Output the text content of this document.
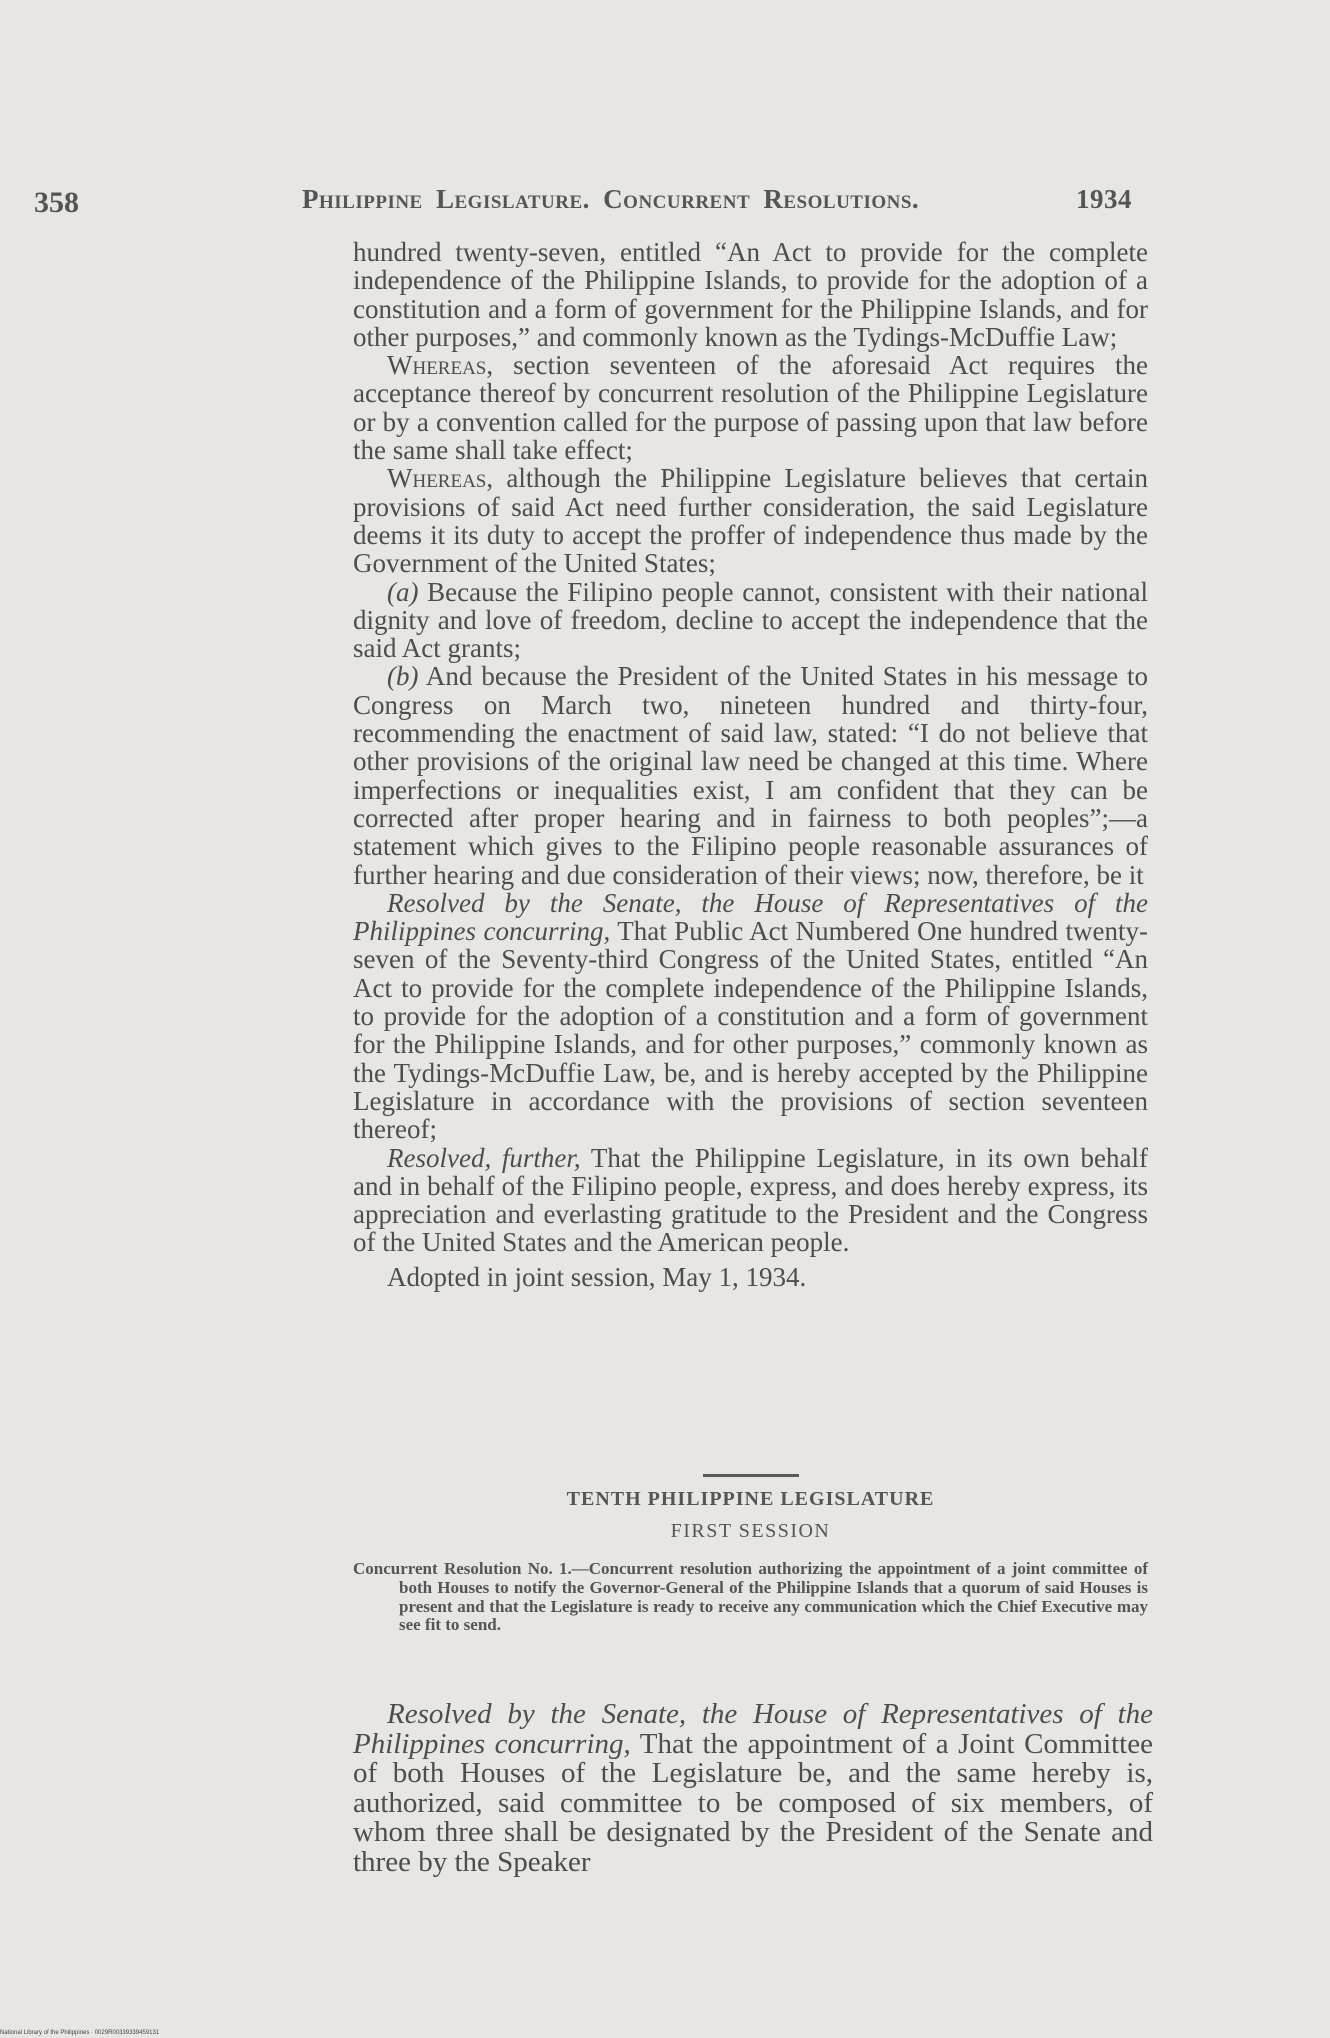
358	Philippine Legislature. Concurrent Resolutions.	1934

hundred twenty-seven, entitled “An Act to provide for the complete independence of the Philippine Islands, to provide for the adoption of a constitution and a form of government for the Philippine Islands, and for other purposes,” and commonly known as the Tydings-McDuffie Law;

Whereas, section seventeen of the aforesaid Act requires the acceptance thereof by concurrent resolution of the Philippine Legislature or by a convention called for the purpose of passing upon that law before the same shall take effect;

Whereas, although the Philippine Legislature believes that certain provisions of said Act need further consideration, the said Legislature deems it its duty to accept the proffer of independence thus made by the Government of the United States;

(a) Because the Filipino people cannot, consistent with their national dignity and love of freedom, decline to accept the independence that the said Act grants;

(b) And because the President of the United States in his message to Congress on March two, nineteen hundred and thirty-four, recommending the enactment of said law, stated: “I do not believe that other provisions of the original law need be changed at this time. Where imperfections or inequalities exist, I am confident that they can be corrected after proper hearing and in fairness to both peoples”;—a statement which gives to the Filipino people reasonable assurances of further hearing and due consideration of their views; now, therefore, be it

Resolved by the Senate, the House of Representatives of the Philippines concurring, That Public Act Numbered One hundred twenty-seven of the Seventy-third Congress of the United States, entitled “An Act to provide for the complete independence of the Philippine Islands, to provide for the adoption of a constitution and a form of government for the Philippine Islands, and for other purposes,” commonly known as the Tydings-McDuffie Law, be, and is hereby accepted by the Philippine Legislature in accordance with the provisions of section seventeen thereof;

Resolved, further, That the Philippine Legislature, in its own behalf and in behalf of the Filipino people, express, and does hereby express, its appreciation and everlasting gratitude to the President and the Congress of the United States and the American people.

Adopted in joint session, May 1, 1934.

TENTH PHILIPPINE LEGISLATURE
FIRST SESSION
Concurrent Resolution No. 1.—Concurrent resolution authorizing the appointment of a joint committee of both Houses to notify the Governor-General of the Philippine Islands that a quorum of said Houses is present and that the Legislature is ready to receive any communication which the Chief Executive may see fit to send.

Resolved by the Senate, the House of Representatives of the Philippines concurring, That the appointment of a Joint Committee of both Houses of the Legislature be, and the same hereby is, authorized, said committee to be composed of six members, of whom three shall be designated by the President of the Senate and three by the Speaker

National Library of the Philippines · 0029R00339339459131
